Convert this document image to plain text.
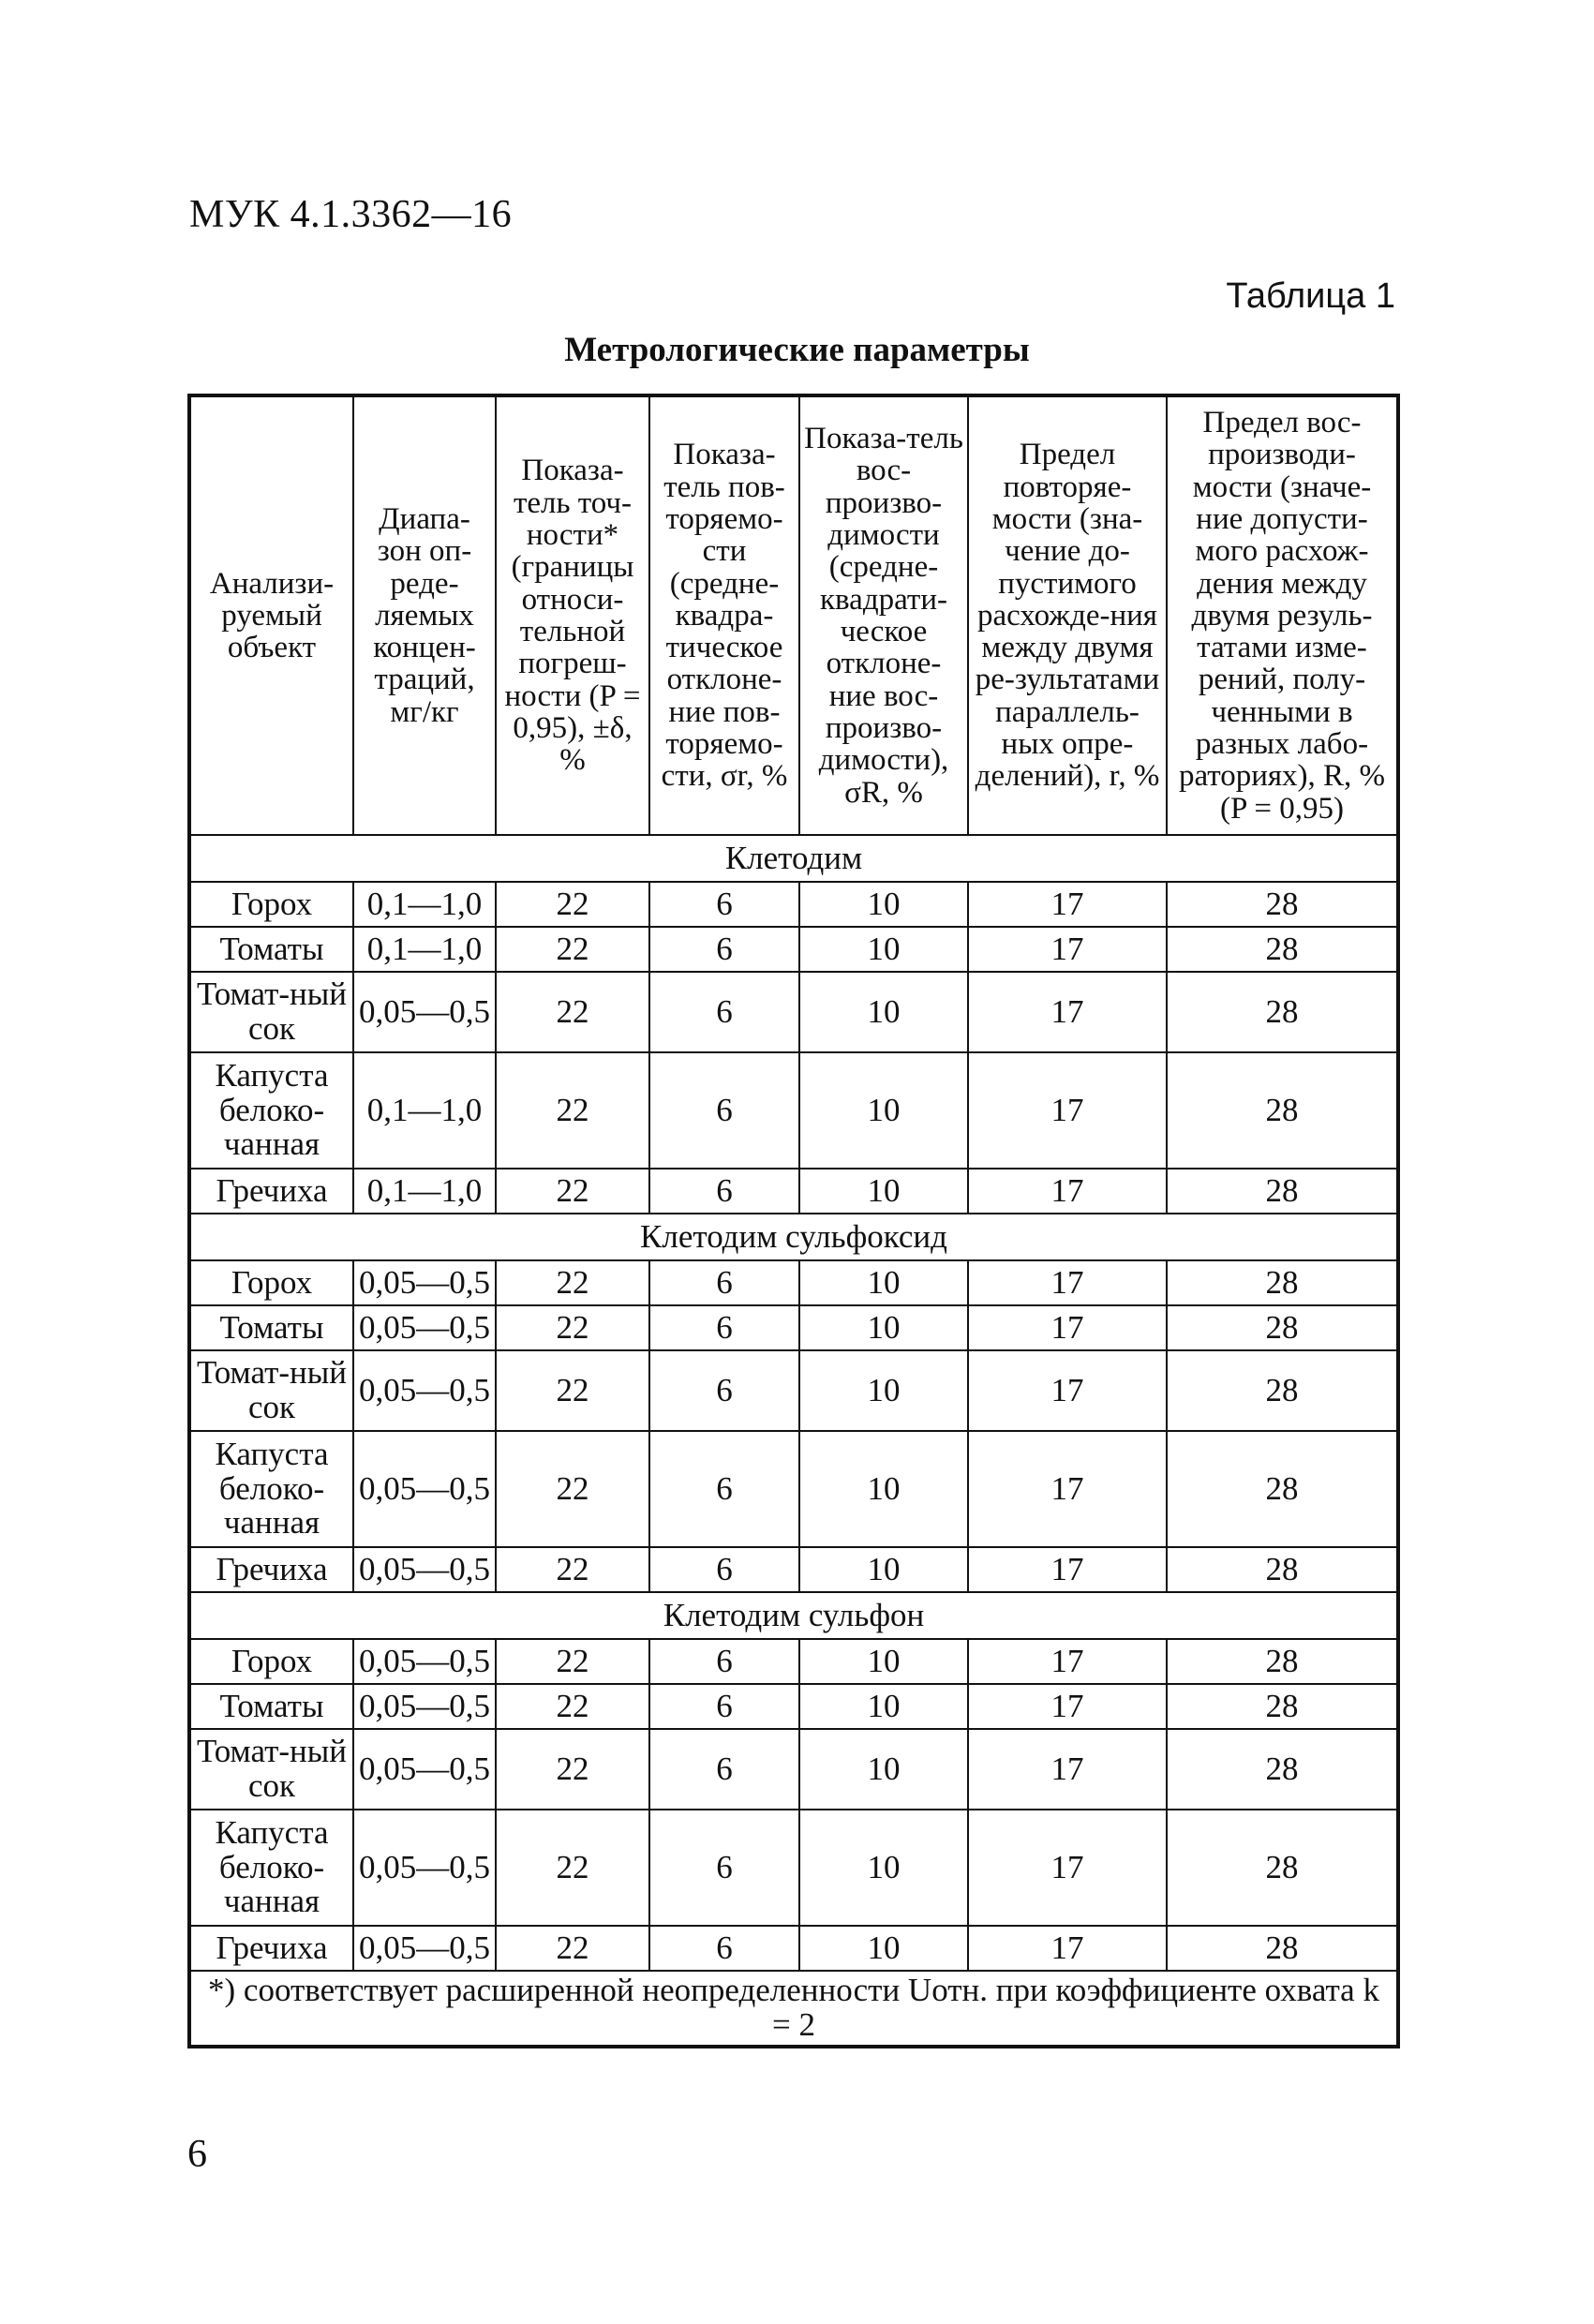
МУК 4.1.3362—16
Таблица 1
Метрологические параметры
Анализи-руемый объект	Диапа-зон оп-реде-ляемых концен-траций, мг/кг	Показа-тель точ-ности* (границы относи-тельной погреш-ности (P = 0,95), ±δ, %	Показа-тель пов-торяемо-сти (средне-квадра-тическое отклоне-ние пов-торяемо-сти, σr, %	Показа-тель вос-произво-димости (средне-квадрати-ческое отклоне-ние вос-произво-димости), σR, %	Предел повторяе-мости (зна-чение до-пустимого расхожде-ния между двумя ре-зультатами параллель-ных опре-делений), r, %	Предел вос-производи-мости (значе-ние допусти-мого расхож-дения между двумя резуль-татами изме-рений, полу-ченными в разных лабо-раториях), R, % (P = 0,95)
Клетодим						
Горох	0,1—1,0	22	6	10	17	28
Томаты	0,1—1,0	22	6	10	17	28
Томат-ный сок	0,05—0,5	22	6	10	17	28
Капуста белоко-чанная	0,1—1,0	22	6	10	17	28
Гречиха	0,1—1,0	22	6	10	17	28
Клетодим сульфоксид						
Горох	0,05—0,5	22	6	10	17	28
Томаты	0,05—0,5	22	6	10	17	28
Томат-ный сок	0,05—0,5	22	6	10	17	28
Капуста белоко-чанная	0,05—0,5	22	6	10	17	28
Гречиха	0,05—0,5	22	6	10	17	28
Клетодим сульфон						
Горох	0,05—0,5	22	6	10	17	28
Томаты	0,05—0,5	22	6	10	17	28
Томат-ный сок	0,05—0,5	22	6	10	17	28
Капуста белоко-чанная	0,05—0,5	22	6	10	17	28
Гречиха	0,05—0,5	22	6	10	17	28
*) соответствует расширенной неопределенности Uотн. при коэффициенте охвата k = 2						
6
